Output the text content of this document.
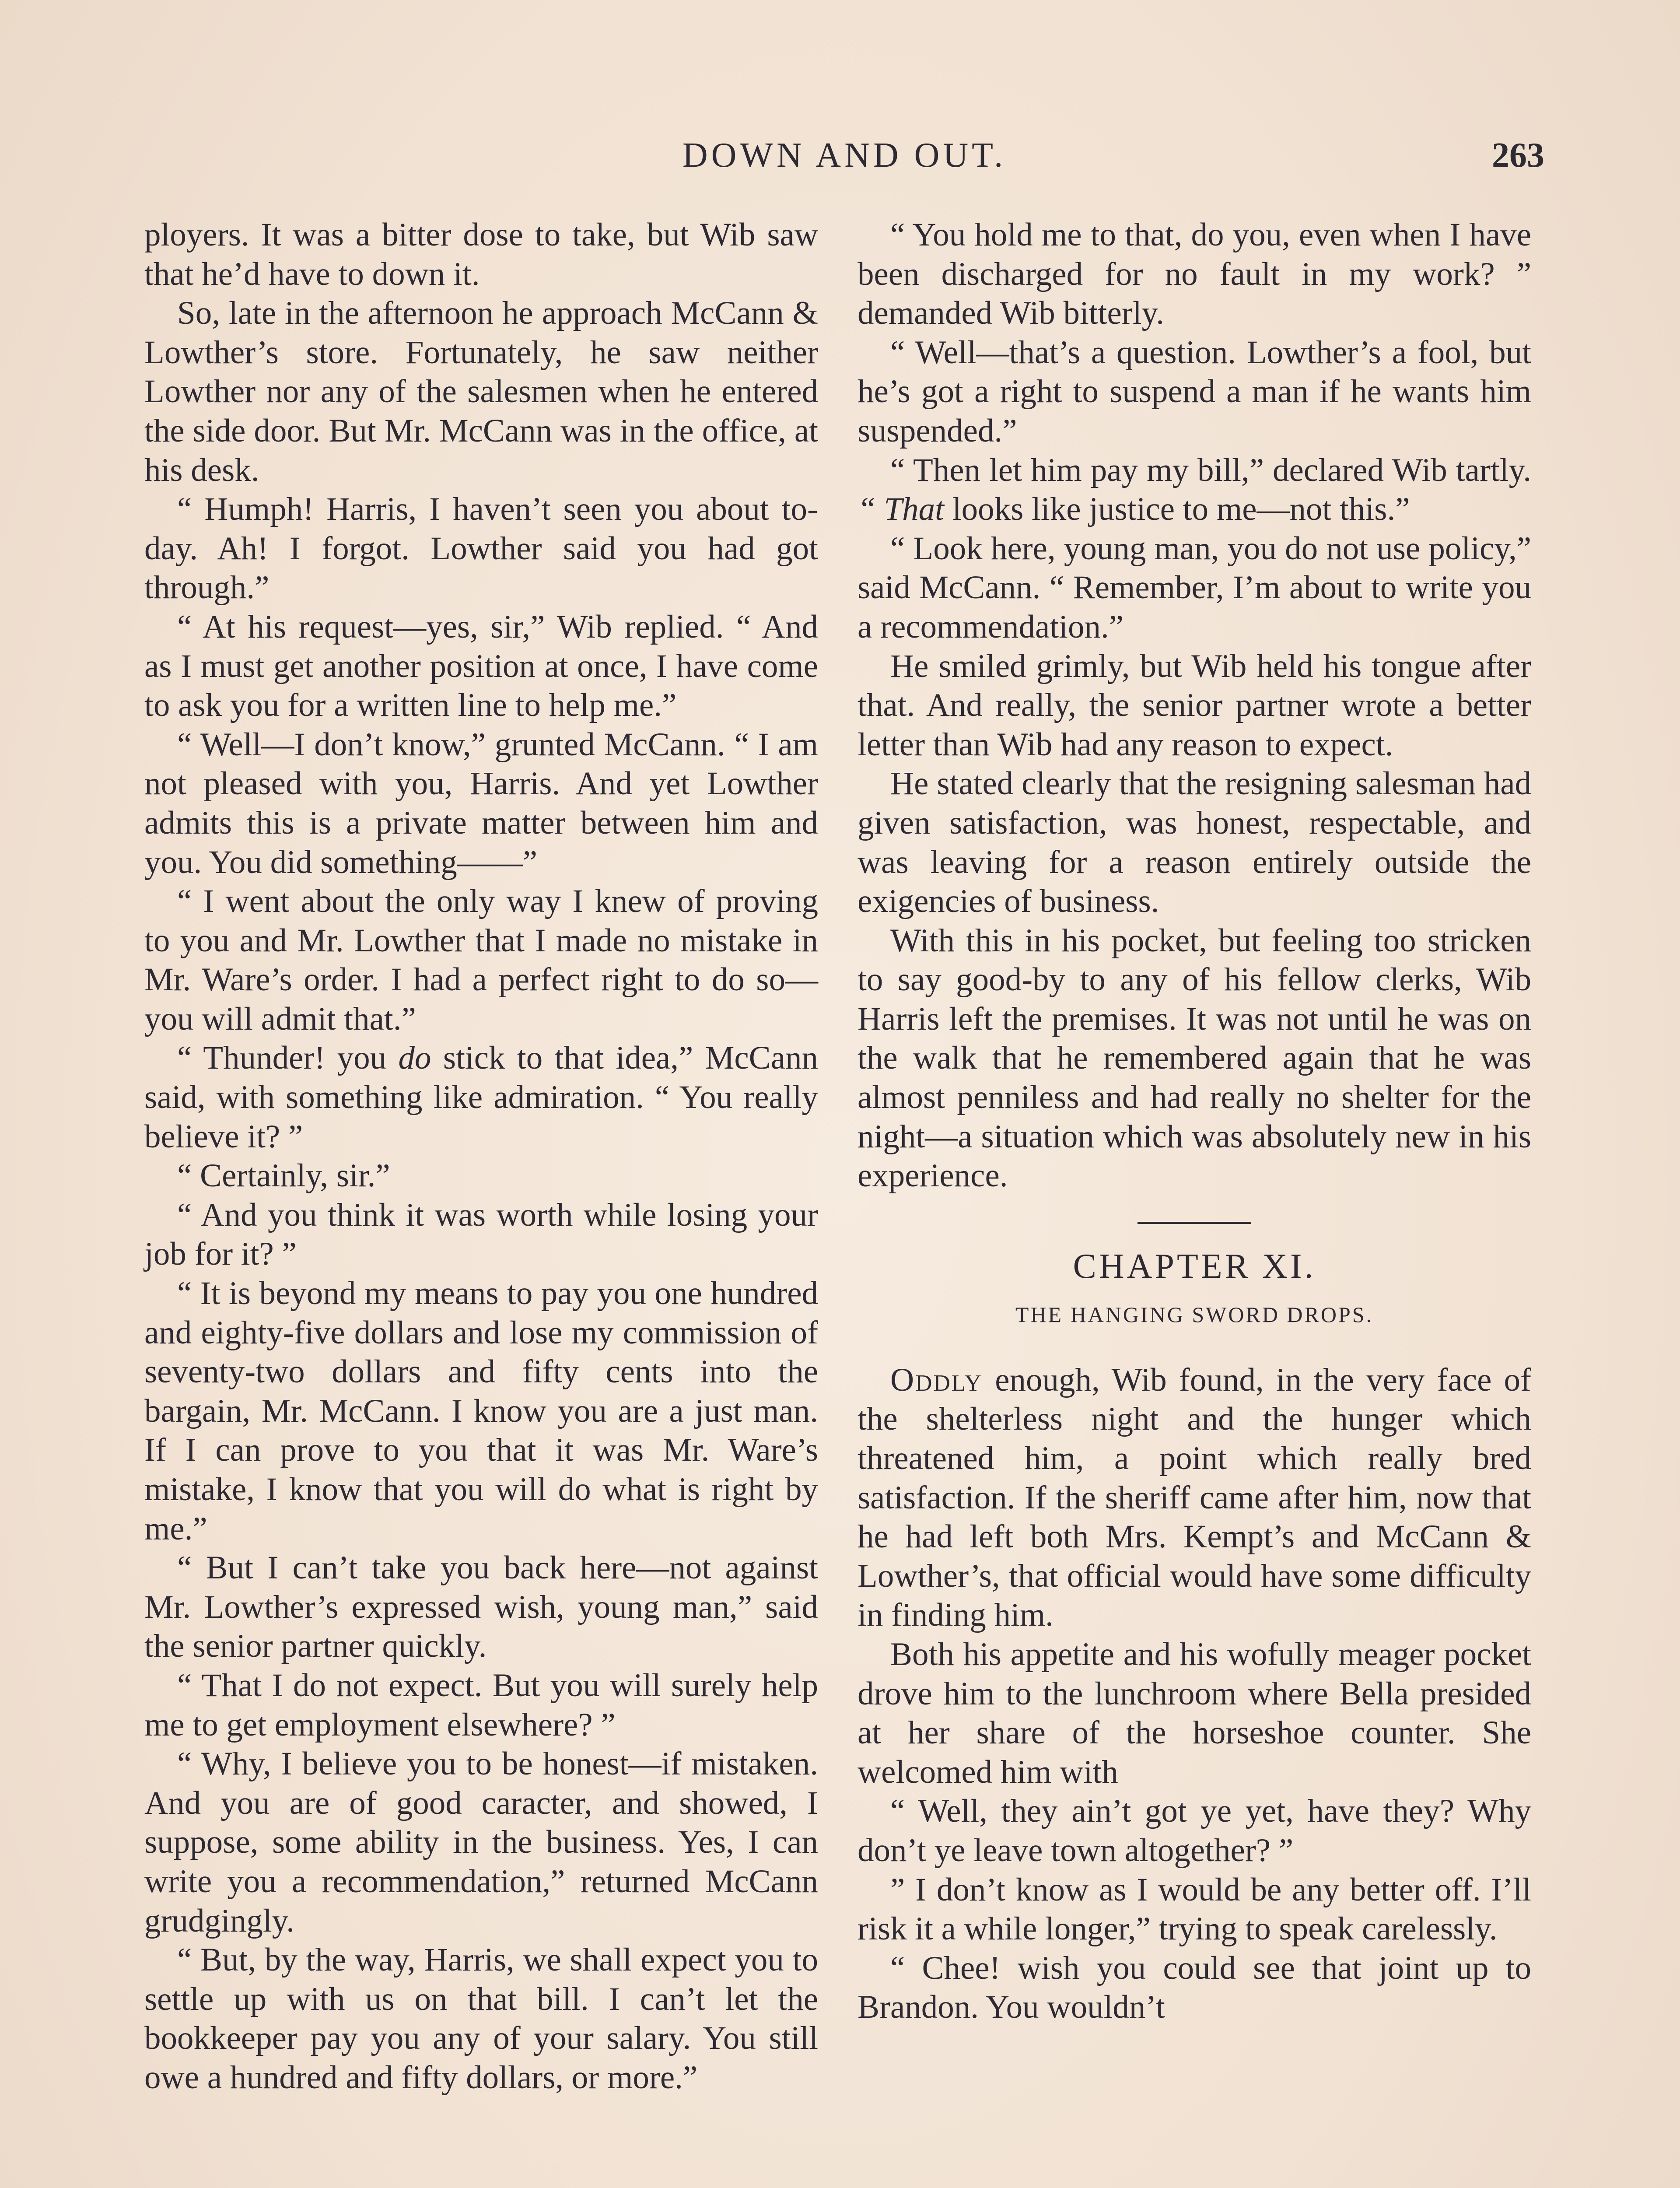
DOWN AND OUT.	263

ployers. It was a bitter dose to take, but Wib saw that he’d have to down it.

So, late in the afternoon he approach McCann & Lowther’s store. Fortunately, he saw neither Lowther nor any of the salesmen when he entered the side door. But Mr. McCann was in the office, at his desk.

“ Humph! Harris, I haven’t seen you about to-day. Ah! I forgot. Lowther said you had got through.”

“ At his request—yes, sir,” Wib replied. “ And as I must get another position at once, I have come to ask you for a written line to help me.”

“ Well—I don’t know,” grunted McCann. “ I am not pleased with you, Harris. And yet Lowther admits this is a private matter between him and you. You did something——”

“ I went about the only way I knew of proving to you and Mr. Lowther that I made no mistake in Mr. Ware’s order. I had a perfect right to do so—you will admit that.”

“ Thunder! you do stick to that idea,” McCann said, with something like admiration. “ You really believe it? ”

“ Certainly, sir.”

“ And you think it was worth while losing your job for it? ”

“ It is beyond my means to pay you one hundred and eighty-five dollars and lose my commission of seventy-two dollars and fifty cents into the bargain, Mr. McCann. I know you are a just man. If I can prove to you that it was Mr. Ware’s mistake, I know that you will do what is right by me.”

“ But I can’t take you back here—not against Mr. Lowther’s expressed wish, young man,” said the senior partner quickly.

“ That I do not expect. But you will surely help me to get employment elsewhere? ”

“ Why, I believe you to be honest—if mistaken. And you are of good caracter, and showed, I suppose, some ability in the business. Yes, I can write you a recommendation,” returned McCann grudgingly.

“ But, by the way, Harris, we shall expect you to settle up with us on that bill. I can’t let the bookkeeper pay you any of your salary. You still owe a hundred and fifty dollars, or more.”

“ You hold me to that, do you, even when I have been discharged for no fault in my work? ” demanded Wib bitterly.

“ Well—that’s a question. Lowther’s a fool, but he’s got a right to suspend a man if he wants him suspended.”

“ Then let him pay my bill,” declared Wib tartly. “ That looks like justice to me—not this.”

“ Look here, young man, you do not use policy,” said McCann. “ Remember, I’m about to write you a recommendation.”

He smiled grimly, but Wib held his tongue after that. And really, the senior partner wrote a better letter than Wib had any reason to expect.

He stated clearly that the resigning salesman had given satisfaction, was honest, respectable, and was leaving for a reason entirely outside the exigencies of business.

With this in his pocket, but feeling too stricken to say good-by to any of his fellow clerks, Wib Harris left the premises. It was not until he was on the walk that he remembered again that he was almost penniless and had really no shelter for the night—a situation which was absolutely new in his experience.

CHAPTER XI.
THE HANGING SWORD DROPS.

Oddly enough, Wib found, in the very face of the shelterless night and the hunger which threatened him, a point which really bred satisfaction. If the sheriff came after him, now that he had left both Mrs. Kempt’s and McCann & Lowther’s, that official would have some difficulty in finding him.

Both his appetite and his wofully meager pocket drove him to the lunchroom where Bella presided at her share of the horseshoe counter. She welcomed him with

“ Well, they ain’t got ye yet, have they? Why don’t ye leave town altogether? ”

” I don’t know as I would be any better off. I’ll risk it a while longer,” trying to speak carelessly.

“ Chee! wish you could see that joint up to Brandon. You wouldn’t
